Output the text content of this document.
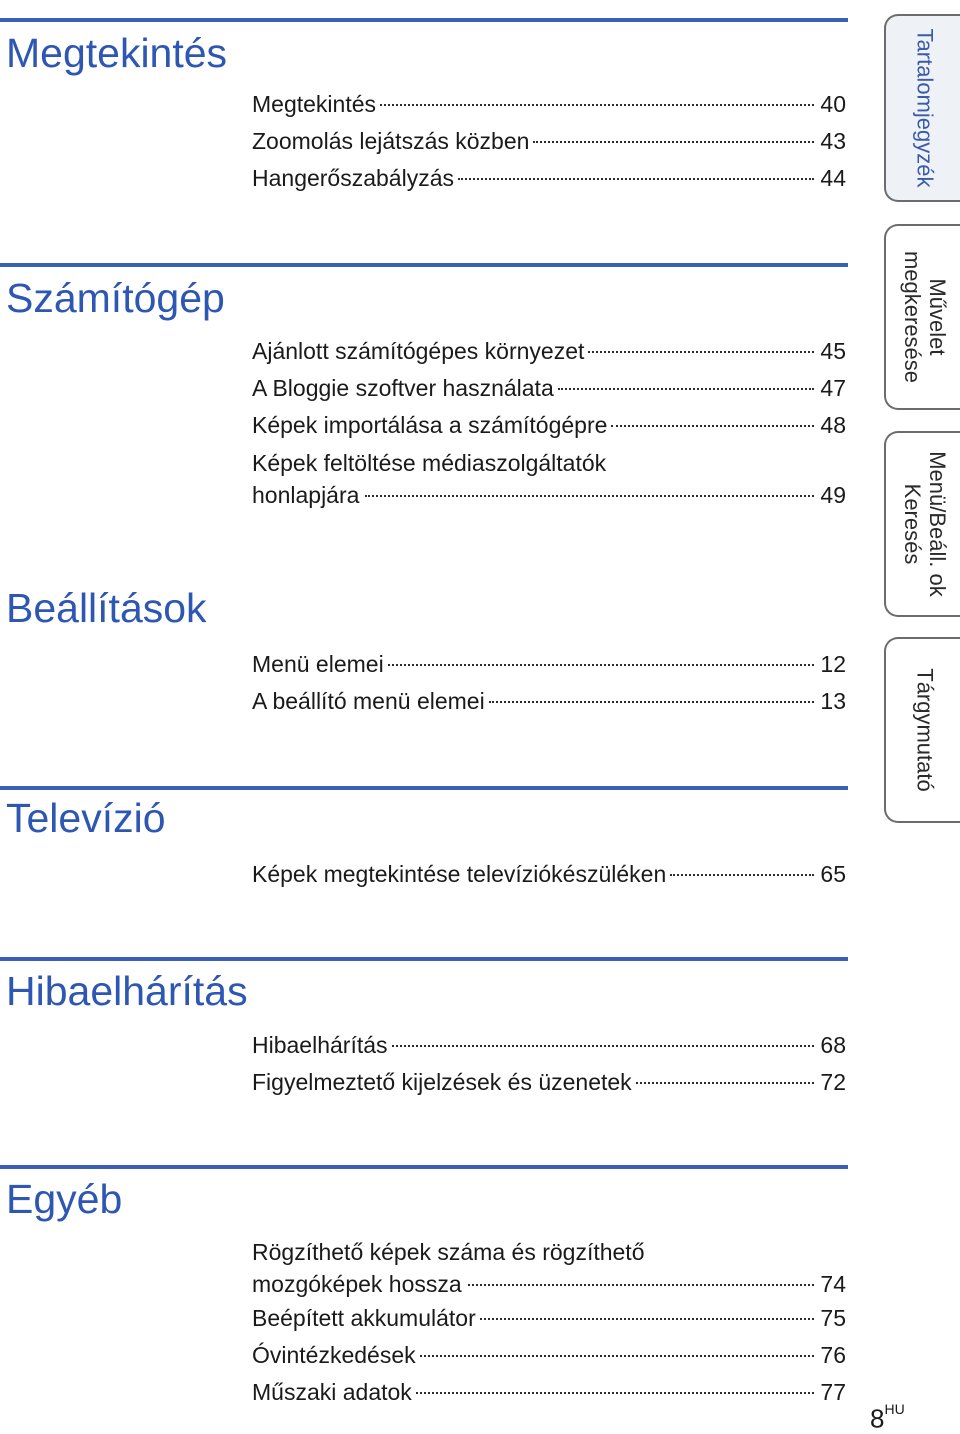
Megtekintés
Megtekintés	40
Zoomolás lejátszás közben	43
Hangerőszabályzás	44
Számítógép
Ajánlott számítógépes környezet	45
A Bloggie szoftver használata	47
Képek importálása a számítógépre	48
Képek feltöltése médiaszolgáltatók
honlapjára	49
Beállítások
Menü elemei	12
A beállító menü elemei	13
Televízió
Képek megtekintése televíziókészüléken	65
Hibaelhárítás
Hibaelhárítás	68
Figyelmeztető kijelzések és üzenetek	72
Egyéb
Rögzíthető képek száma és rögzíthető
mozgóképek hossza	74
Beépített akkumulátor	75
Óvintézkedések	76
Műszaki adatok	77
Tartalomjegyzék
Művelet
megkeresése
Menü/Beáll. ok
Keresés
Tárgymutató
$8^{HU}$
